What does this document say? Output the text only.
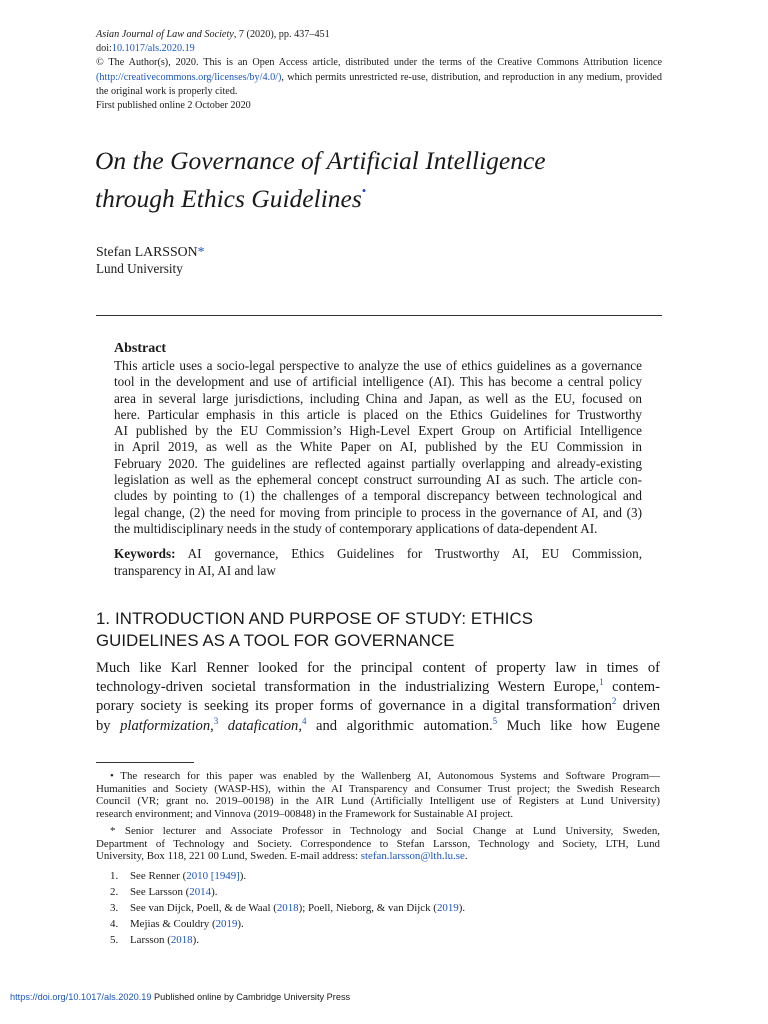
Asian Journal of Law and Society, 7 (2020), pp. 437–451
doi:10.1017/als.2020.19
© The Author(s), 2020. This is an Open Access article, distributed under the terms of the Creative Commons Attribution licence
(http://creativecommons.org/licenses/by/4.0/), which permits unrestricted re-use, distribution, and reproduction in any medium, provided
the original work is properly cited.
First published online 2 October 2020
On the Governance of Artificial Intelligence
through Ethics Guidelines•
Stefan LARSSON*
Lund University
Abstract
This article uses a socio-legal perspective to analyze the use of ethics guidelines as a governance
tool in the development and use of artificial intelligence (AI). This has become a central policy
area in several large jurisdictions, including China and Japan, as well as the EU, focused on
here. Particular emphasis in this article is placed on the Ethics Guidelines for Trustworthy
AI published by the EU Commission’s High-Level Expert Group on Artificial Intelligence
in April 2019, as well as the White Paper on AI, published by the EU Commission in
February 2020. The guidelines are reflected against partially overlapping and already-existing
legislation as well as the ephemeral concept construct surrounding AI as such. The article con-
cludes by pointing to (1) the challenges of a temporal discrepancy between technological and
legal change, (2) the need for moving from principle to process in the governance of AI, and (3)
the multidisciplinary needs in the study of contemporary applications of data-dependent AI.
Keywords: AI governance, Ethics Guidelines for Trustworthy AI, EU Commission,
transparency in AI, AI and law
1. INTRODUCTION AND PURPOSE OF STUDY: ETHICS
GUIDELINES AS A TOOL FOR GOVERNANCE
Much like Karl Renner looked for the principal content of property law in times of
technology-driven societal transformation in the industrializing Western Europe,$^1$ contem-
porary society is seeking its proper forms of governance in a digital transformation$^2$ driven
by platformization,$^3$ datafication,$^4$ and algorithmic automation.$^5$ Much like how Eugene
• The research for this paper was enabled by the Wallenberg AI, Autonomous Systems and Software Program—
Humanities and Society (WASP-HS), within the AI Transparency and Consumer Trust project; the Swedish Research
Council (VR; grant no. 2019–00198) in the AIR Lund (Artificially Intelligent use of Registers at Lund University)
research environment; and Vinnova (2019–00848) in the Framework for Sustainable AI project.
* Senior lecturer and Associate Professor in Technology and Social Change at Lund University, Sweden,
Department of Technology and Society. Correspondence to Stefan Larsson, Technology and Society, LTH, Lund
University, Box 118, 221 00 Lund, Sweden. E-mail address: stefan.larsson@lth.lu.se.
1. See Renner (2010 [1949]).
2. See Larsson (2014).
3. See van Dijck, Poell, & de Waal (2018); Poell, Nieborg, & van Dijck (2019).
4. Mejias & Couldry (2019).
5. Larsson (2018).
https://doi.org/10.1017/als.2020.19 Published online by Cambridge University Press
